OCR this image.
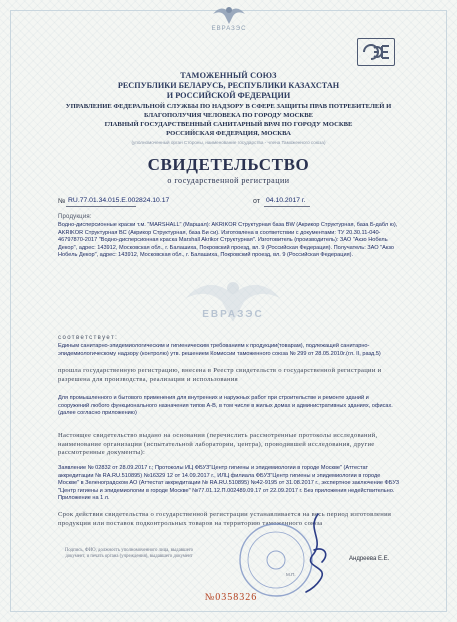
ЕВРАЗЭС
ТАМОЖЕННЫЙ СОЮЗ
РЕСПУБЛИКИ БЕЛАРУСЬ, РЕСПУБЛИКИ КАЗАХСТАН
И РОССИЙСКОЙ ФЕДЕРАЦИИ
УПРАВЛЕНИЕ ФЕДЕРАЛЬНОЙ СЛУЖБЫ ПО НАДЗОРУ В СФЕРЕ ЗАЩИТЫ ПРАВ ПОТРЕБИТЕЛЕЙ И
БЛАГОПОЛУЧИЯ ЧЕЛОВЕКА ПО ГОРОДУ МОСКВЕ
ГЛАВНЫЙ ГОСУДАРСТВЕННЫЙ САНИТАРНЫЙ ВРАЧ ПО ГОРОДУ МОСКВЕ
РОССИЙСКАЯ ФЕДЕРАЦИЯ, МОСКВА
(уполномоченный орган Стороны, наименование государства - члена Таможенного союза)
СВИДЕТЕЛЬСТВО
о государственной регистрации
№ RU.77.01.34.015.Е.002824.10.17	от 04.10.2017 г.
Продукция:
Водно-дисперсионные краски т.м. "MARSHALL" (Маршал): AKRIKOR Структурная база BW (Акрикор Структурная, база Б-дабл ю), AKRIKOR Структурная BC (Акрикор Структурная, база Би си). Изготовлена в соответствии с документами: ТУ 20.30.11-040-46797870-2017 "Водно-дисперсионная краска Marshall Akrikor Структурная". Изготовитель (производитель): ЗАО "Акзо Нобель Декор", адрес: 143912, Московская обл., г. Балашиха, Покровский проезд, вл. 9 (Российская Федерация). Получатель: ЗАО "Акзо Нобель Декор", адрес: 143912, Московская обл., г. Балашиха, Покровский проезд, вл. 9 (Российская Федерация).
ЕВРАЗЭС
соответствует:
Единым санитарно-эпидемиологическим и гигиеническим требованиям к продукции(товарам), подлежащей санитарно-эпидемиологическому надзору (контролю) утв. решением Комиссии таможенного союза № 299 от 28.05.2010г.(гл. II, разд.5)
прошла государственную регистрацию, внесена в Реестр свидетельств о государственной регистрации и разрешена для производства, реализации и использования
Для промышленного и бытового применения для внутренних и наружных работ при строительстве и ремонте зданий и сооружений любого функционального назначения типов А-В, в том числе в жилых домах и административных зданиях, офисах. (далее согласно приложению)
Настоящее свидетельство выдано на основании (перечислить рассмотренные протоколы исследований, наименование организации (испытательной лаборатории, центра), проводившей исследования, другие рассмотренные документы):
Заявление № 02832 от 28.09.2017 г.; Протоколы ИЦ ФБУЗ"Центр гигиены и эпидемиологии в городе Москве" (Аттестат аккредитации № RA.RU.510895) №16329 12 от 14.09.2017 г., ИЛЦ филиала ФБУЗ"Центр гигиены и эпидемиологии в городе Москве" в Зеленоградском АО (Аттестат аккредитации № RA.RU.510895) №42-9195 от 31.08.2017 г., экспертное заключение ФБУЗ "Центр гигиены и эпидемиологии в городе Москве" №77.01.12.П.002489.09.17 от 22.09.2017 г. Без приложения недействительно. Приложение на 1 л.
Срок действия свидетельства о государственной регистрации устанавливается на весь период изготовления продукции или поставок подконтрольных товаров на территорию таможенного союза
Подпись, ФИО, должность уполномоченного лица, выдавшего документ, и печать органа (учреждения), выдавшего документ
М.П.
Андреева Е.Е.
№0358326
